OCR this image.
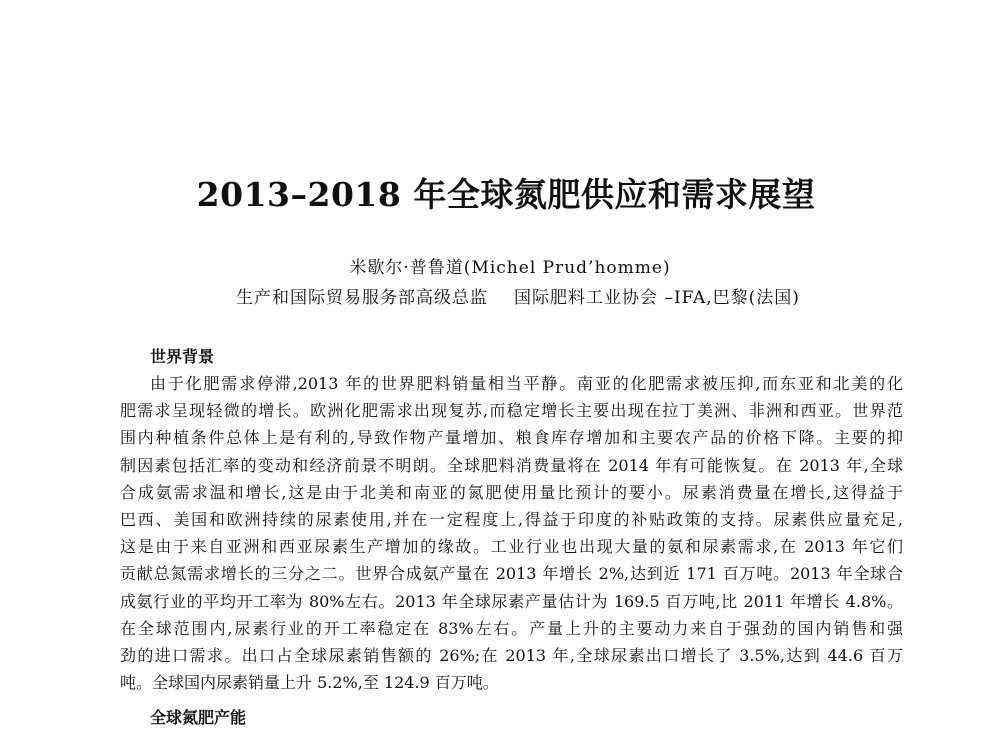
2013–2018 年全球氮肥供应和需求展望
米歇尔·普鲁道(Michel Prud’homme)
生产和国际贸易服务部高级总监 国际肥料工业协会 –IFA,巴黎(法国)
世界背景
由于化肥需求停滞,2013 年的世界肥料销量相当平静。南亚的化肥需求被压抑,而东亚和北美的化
肥需求呈现轻微的增长。欧洲化肥需求出现复苏,而稳定增长主要出现在拉丁美洲、非洲和西亚。世界范
围内种植条件总体上是有利的,导致作物产量增加、粮食库存增加和主要农产品的价格下降。主要的抑
制因素包括汇率的变动和经济前景不明朗。全球肥料消费量将在 2014 年有可能恢复。在 2013 年,全球
合成氨需求温和增长,这是由于北美和南亚的氮肥使用量比预计的要小。尿素消费量在增长,这得益于
巴西、美国和欧洲持续的尿素使用,并在一定程度上,得益于印度的补贴政策的支持。尿素供应量充足,
这是由于来自亚洲和西亚尿素生产增加的缘故。工业行业也出现大量的氨和尿素需求,在 2013 年它们
贡献总氮需求增长的三分之二。世界合成氨产量在 2013 年增长 2%,达到近 171 百万吨。2013 年全球合
成氨行业的平均开工率为 80%左右。2013 年全球尿素产量估计为 169.5 百万吨,比 2011 年增长 4.8%。
在全球范围内,尿素行业的开工率稳定在 83%左右。产量上升的主要动力来自于强劲的国内销售和强
劲的进口需求。出口占全球尿素销售额的 26%;在 2013 年,全球尿素出口增长了 3.5%,达到 44.6 百万
吨。全球国内尿素销量上升 5.2%,至 124.9 百万吨。
全球氮肥产能
